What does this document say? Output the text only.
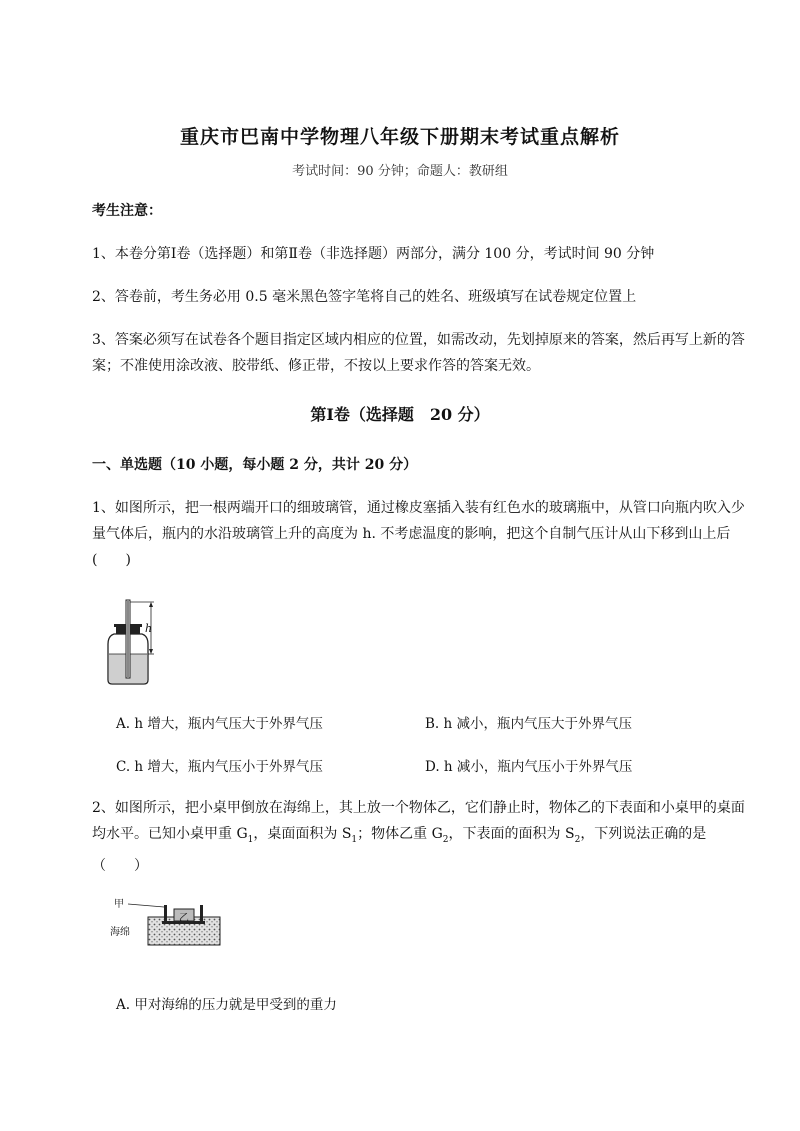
重庆市巴南中学物理八年级下册期末考试重点解析
考试时间：90 分钟；命题人：教研组
考生注意：
1、本卷分第Ⅰ卷（选择题）和第Ⅱ卷（非选择题）两部分，满分 100 分，考试时间 90 分钟
2、答卷前，考生务必用 0.5 毫米黑色签字笔将自己的姓名、班级填写在试卷规定位置上
3、答案必须写在试卷各个题目指定区域内相应的位置，如需改动，先划掉原来的答案，然后再写上新的答案；不准使用涂改液、胶带纸、修正带，不按以上要求作答的答案无效。
第Ⅰ卷（选择题　20 分）
一、单选题（10 小题，每小题 2 分，共计 20 分）
1、如图所示，把一根两端开口的细玻璃管，通过橡皮塞插入装有红色水的玻璃瓶中，从管口向瓶内吹入少量气体后，瓶内的水沿玻璃管上升的高度为 h. 不考虑温度的影响，把这个自制气压计从山下移到山上后(　　)
h
A. h 增大，瓶内气压大于外界气压	B. h 减小，瓶内气压大于外界气压
C. h 增大，瓶内气压小于外界气压	D. h 减小，瓶内气压小于外界气压
2、如图所示，把小桌甲倒放在海绵上，其上放一个物体乙，它们静止时，物体乙的下表面和小桌甲的桌面均水平。已知小桌甲重 $G_1$，桌面面积为 $S_1$；物体乙重 $G_2$，下表面的面积为 $S_2$，下列说法正确的是
（　　）
甲
乙
海绵
A. 甲对海绵的压力就是甲受到的重力
